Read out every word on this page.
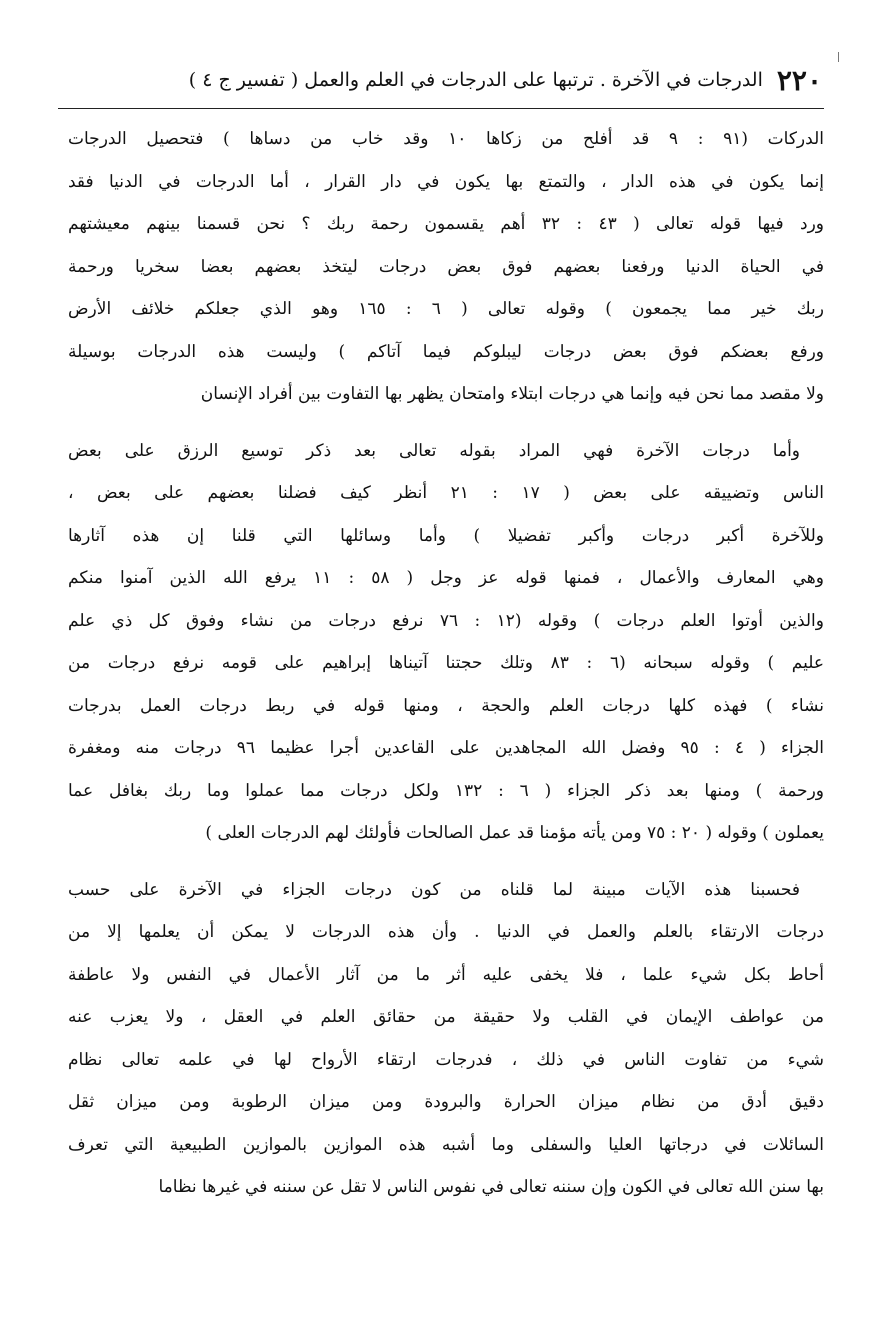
٢٢٠
الدرجات في الآخرة . ترتبها على الدرجات في العلم والعمل ( تفسير ج ٤ )
الدركات (٩١ : ٩ قد أفلح من زكاها ١٠ وقد خاب من دساها ) فتحصيل الدرجات
إنما يكون في هذه الدار ، والتمتع بها يكون في دار القرار ، أما الدرجات في الدنيا فقد
ورد فيها قوله تعالى ( ٤٣ : ٣٢ أهم يقسمون رحمة ربك ؟ نحن قسمنا بينهم معيشتهم
في الحياة الدنيا ورفعنا بعضهم فوق بعض درجات ليتخذ بعضهم بعضا سخريا ورحمة
ربك خير مما يجمعون ) وقوله تعالى ( ٦ : ١٦٥ وهو الذي جعلكم خلائف الأرض
ورفع بعضكم فوق بعض درجات ليبلوكم فيما آتاكم ) وليست هذه الدرجات بوسيلة
ولا مقصد مما نحن فيه وإنما هي درجات ابتلاء وامتحان يظهر بها التفاوت بين أفراد الإنسان
وأما درجات الآخرة فهي المراد بقوله تعالى بعد ذكر توسيع الرزق على بعض
الناس وتضييقه على بعض ( ١٧ : ٢١ أنظر كيف فضلنا بعضهم على بعض ،
وللآخرة أكبر درجات وأكبر تفضيلا ) وأما وسائلها التي قلنا إن هذه آثارها
وهي المعارف والأعمال ، فمنها قوله عز وجل ( ٥٨ : ١١ يرفع الله الذين آمنوا منكم
والذين أوتوا العلم درجات ) وقوله (١٢ : ٧٦ نرفع درجات من نشاء وفوق كل ذي علم
عليم ) وقوله سبحانه (٦ : ٨٣ وتلك حجتنا آتيناها إبراهيم على قومه نرفع درجات من
نشاء ) فهذه كلها درجات العلم والحجة ، ومنها قوله في ربط درجات العمل بدرجات
الجزاء ( ٤ : ٩٥ وفضل الله المجاهدين على القاعدين أجرا عظيما ٩٦ درجات منه ومغفرة
ورحمة ) ومنها بعد ذكر الجزاء ( ٦ : ١٣٢ ولكل درجات مما عملوا وما ربك بغافل عما
يعملون ) وقوله ( ٢٠ : ٧٥ ومن يأته مؤمنا قد عمل الصالحات فأولئك لهم الدرجات العلى )
فحسبنا هذه الآيات مبينة لما قلناه من كون درجات الجزاء في الآخرة على حسب
درجات الارتقاء بالعلم والعمل في الدنيا . وأن هذه الدرجات لا يمكن أن يعلمها إلا من
أحاط بكل شيء علما ، فلا يخفى عليه أثر ما من آثار الأعمال في النفس ولا عاطفة
من عواطف الإيمان في القلب ولا حقيقة من حقائق العلم في العقل ، ولا يعزب عنه
شيء من تفاوت الناس في ذلك ، فدرجات ارتقاء الأرواح لها في علمه تعالى نظام
دقيق أدق من نظام ميزان الحرارة والبرودة ومن ميزان الرطوبة ومن ميزان ثقل
السائلات في درجاتها العليا والسفلى وما أشبه هذه الموازين بالموازين الطبيعية التي تعرف
بها سنن الله تعالى في الكون وإن سننه تعالى في نفوس الناس لا تقل عن سننه في غيرها نظاما
